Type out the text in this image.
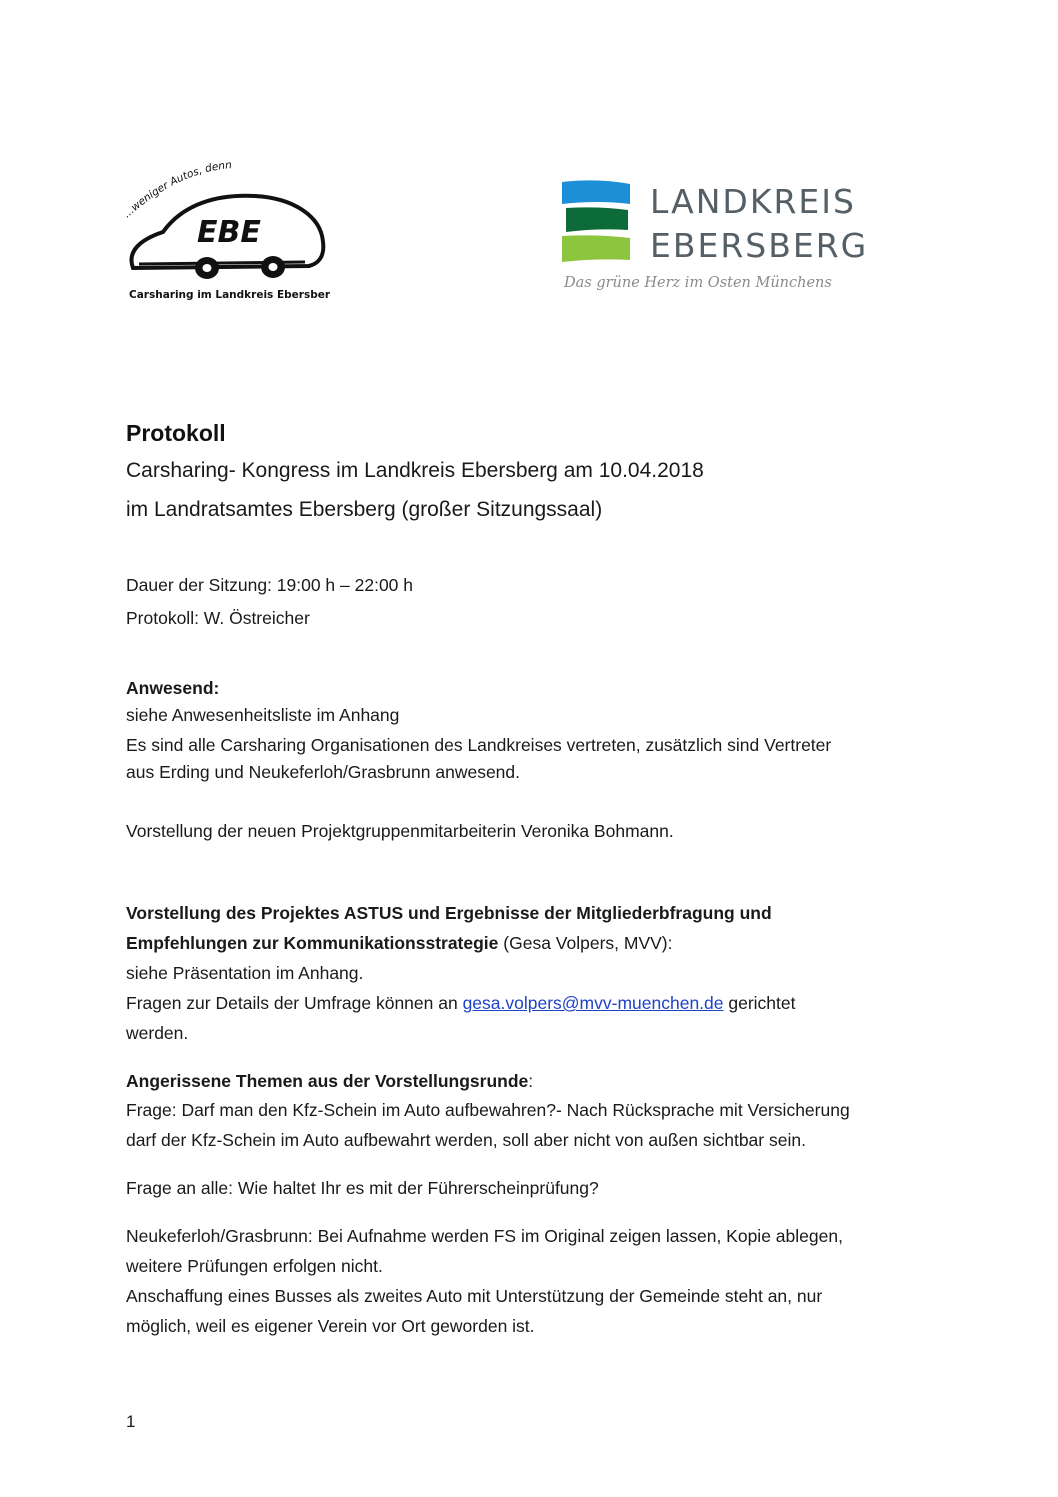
.weniger Autos, denn
EBE
Carsharing im Landkreis Ebersberg
LANDKREIS
EBERSBERG
Das grüne Herz im Osten Münchens
Protokoll
Carsharing- Kongress im Landkreis Ebersberg am 10.04.2018
im Landratsamtes Ebersberg (großer Sitzungssaal)
Dauer der Sitzung: 19:00 h – 22:00 h
Protokoll: W. Östreicher
Anwesend:
siehe Anwesenheitsliste im Anhang
Es sind alle Carsharing Organisationen des Landkreises vertreten, zusätzlich sind Vertreter
aus Erding und Neukeferloh/Grasbrunn anwesend.
Vorstellung der neuen Projektgruppenmitarbeiterin Veronika Bohmann.
Vorstellung des Projektes ASTUS und Ergebnisse der Mitgliederbfragung und
Empfehlungen zur Kommunikationsstrategie (Gesa Volpers, MVV):
siehe Präsentation im Anhang.
Fragen zur Details der Umfrage können an gesa.volpers@mvv-muenchen.de gerichtet
werden.
Angerissene Themen aus der Vorstellungsrunde:
Frage: Darf man den Kfz-Schein im Auto aufbewahren?- Nach Rücksprache mit Versicherung
darf der Kfz-Schein im Auto aufbewahrt werden, soll aber nicht von außen sichtbar sein.
Frage an alle: Wie haltet Ihr es mit der Führerscheinprüfung?
Neukeferloh/Grasbrunn: Bei Aufnahme werden FS im Original zeigen lassen, Kopie ablegen,
weitere Prüfungen erfolgen nicht.
Anschaffung eines Busses als zweites Auto mit Unterstützung der Gemeinde steht an, nur
möglich, weil es eigener Verein vor Ort geworden ist.
1
